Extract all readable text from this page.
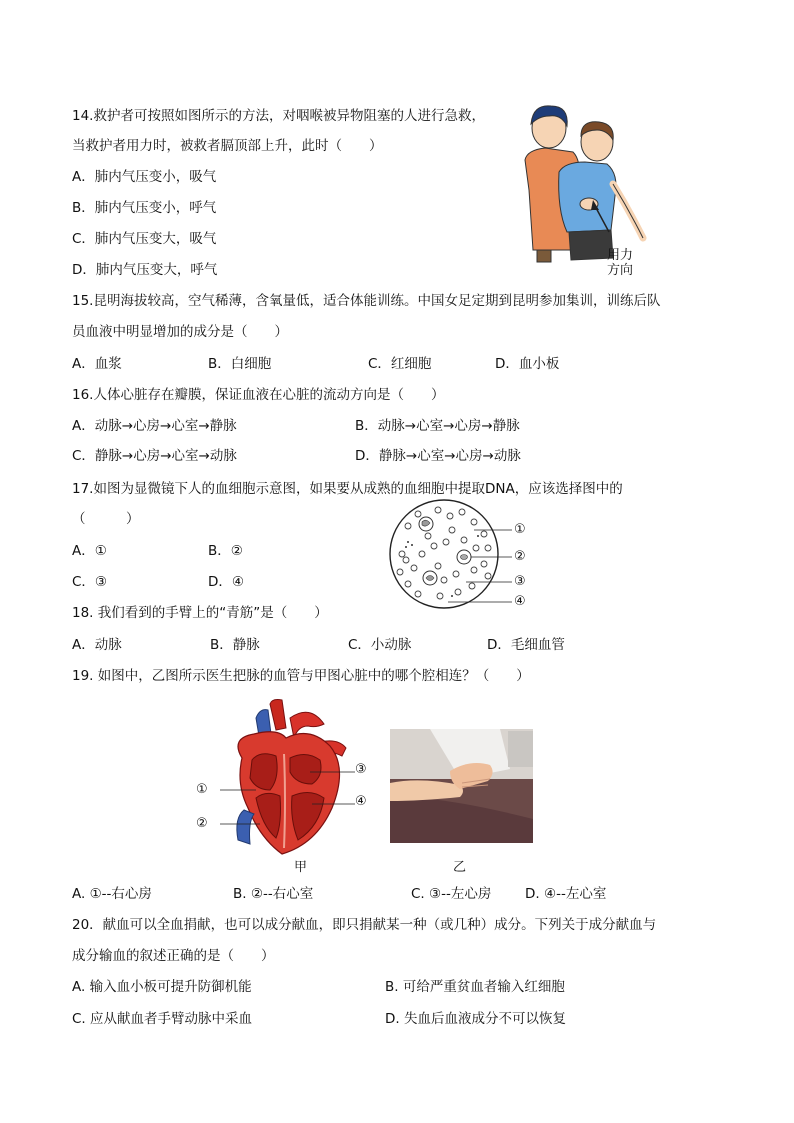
14.救护者可按照如图所示的方法，对咽喉被异物阻塞的人进行急救，
当救护者用力时，被救者膈顶部上升，此时（　　）
A．肺内气压变小，吸气
B．肺内气压变小，呼气
C．肺内气压变大，吸气
D．肺内气压变大，呼气
用力
方向
15.昆明海拔较高，空气稀薄，含氧量低，适合体能训练。中国女足定期到昆明参加集训，训练后队
员血液中明显增加的成分是（　　）
A．血浆	B．白细胞	C．红细胞	D．血小板
16.人体心脏存在瓣膜，保证血液在心脏的流动方向是（　　）
A．动脉→心房→心室→静脉	B．动脉→心室→心房→静脉
C．静脉→心房→心室→动脉	D．静脉→心室→心房→动脉
17.如图为显微镜下人的血细胞示意图，如果要从成熟的血细胞中提取DNA，应该选择图中的
（　　　）
A．①	B．②
C．③	D．④
①
②
③
④
18. 我们看到的手臂上的“青筋”是（　　）
A．动脉	B．静脉	C．小动脉	D．毛细血管
19. 如图中，乙图所示医生把脉的血管与甲图心脏中的哪个腔相连？（　　）
①
②
③
④
甲	乙
A. ①--右心房	B. ②--右心室	C. ③--左心房 D. ④--左心室
20．献血可以全血捐献，也可以成分献血，即只捐献某一种（或几种）成分。下列关于成分献血与
成分输血的叙述正确的是（　　）
A. 输入血小板可提升防御机能	B. 可给严重贫血者输入红细胞
C. 应从献血者手臂动脉中采血	D. 失血后血液成分不可以恢复
